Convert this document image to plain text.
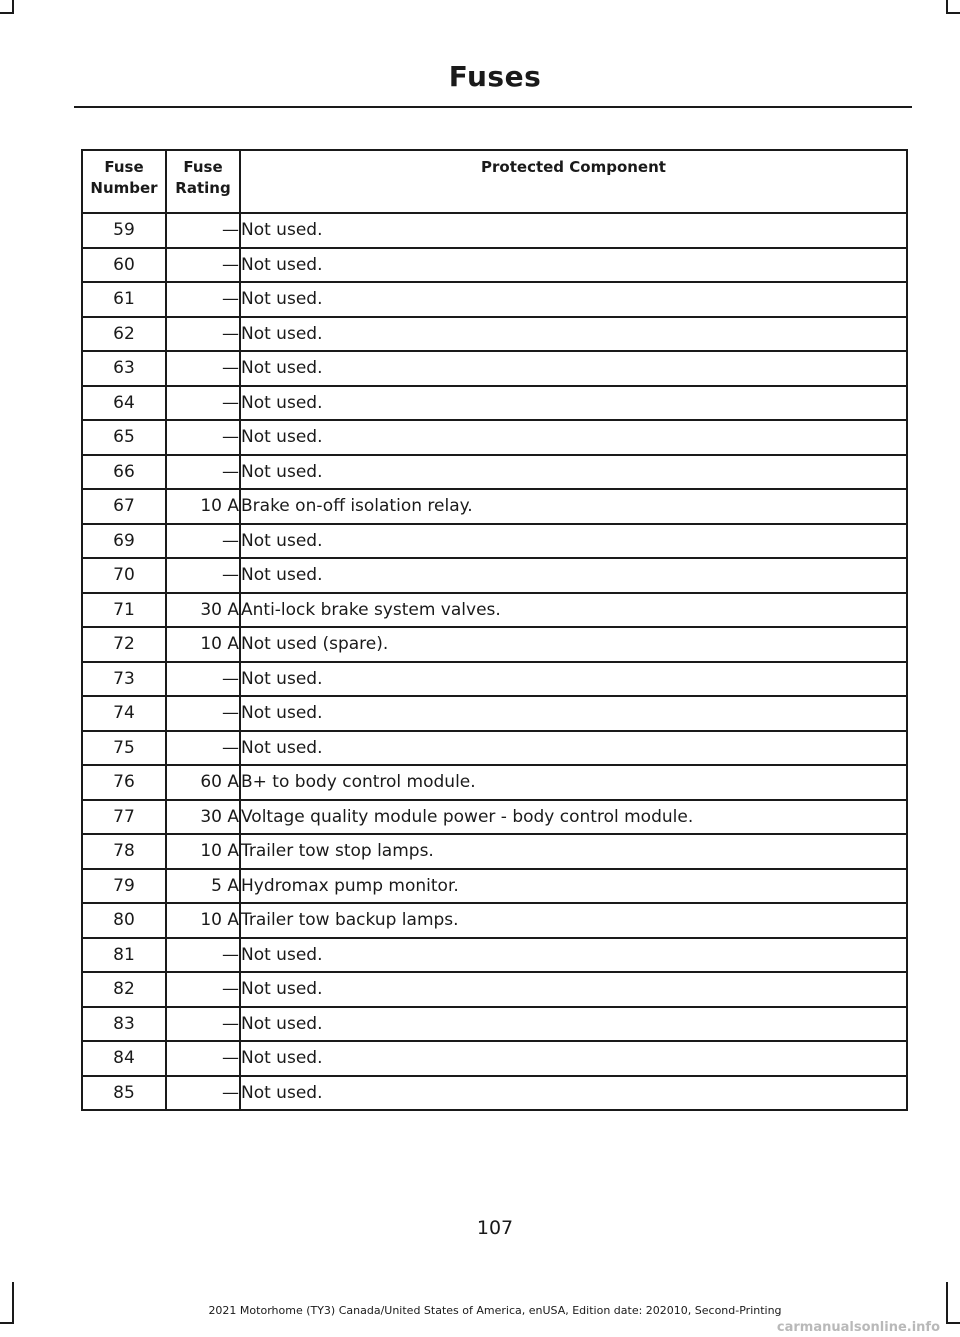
Fuses
Fuse Number	Fuse Rating	Protected Component
59	—	Not used.
60	—	Not used.
61	—	Not used.
62	—	Not used.
63	—	Not used.
64	—	Not used.
65	—	Not used.
66	—	Not used.
67	10 A	Brake on-off isolation relay.
69	—	Not used.
70	—	Not used.
71	30 A	Anti-lock brake system valves.
72	10 A	Not used (spare).
73	—	Not used.
74	—	Not used.
75	—	Not used.
76	60 A	B+ to body control module.
77	30 A	Voltage quality module power - body control module.
78	10 A	Trailer tow stop lamps.
79	5 A	Hydromax pump monitor.
80	10 A	Trailer tow backup lamps.
81	—	Not used.
82	—	Not used.
83	—	Not used.
84	—	Not used.
85	—	Not used.
107
2021 Motorhome (TY3) Canada/United States of America, enUSA, Edition date: 202010, Second-Printing
carmanualsonline.info
